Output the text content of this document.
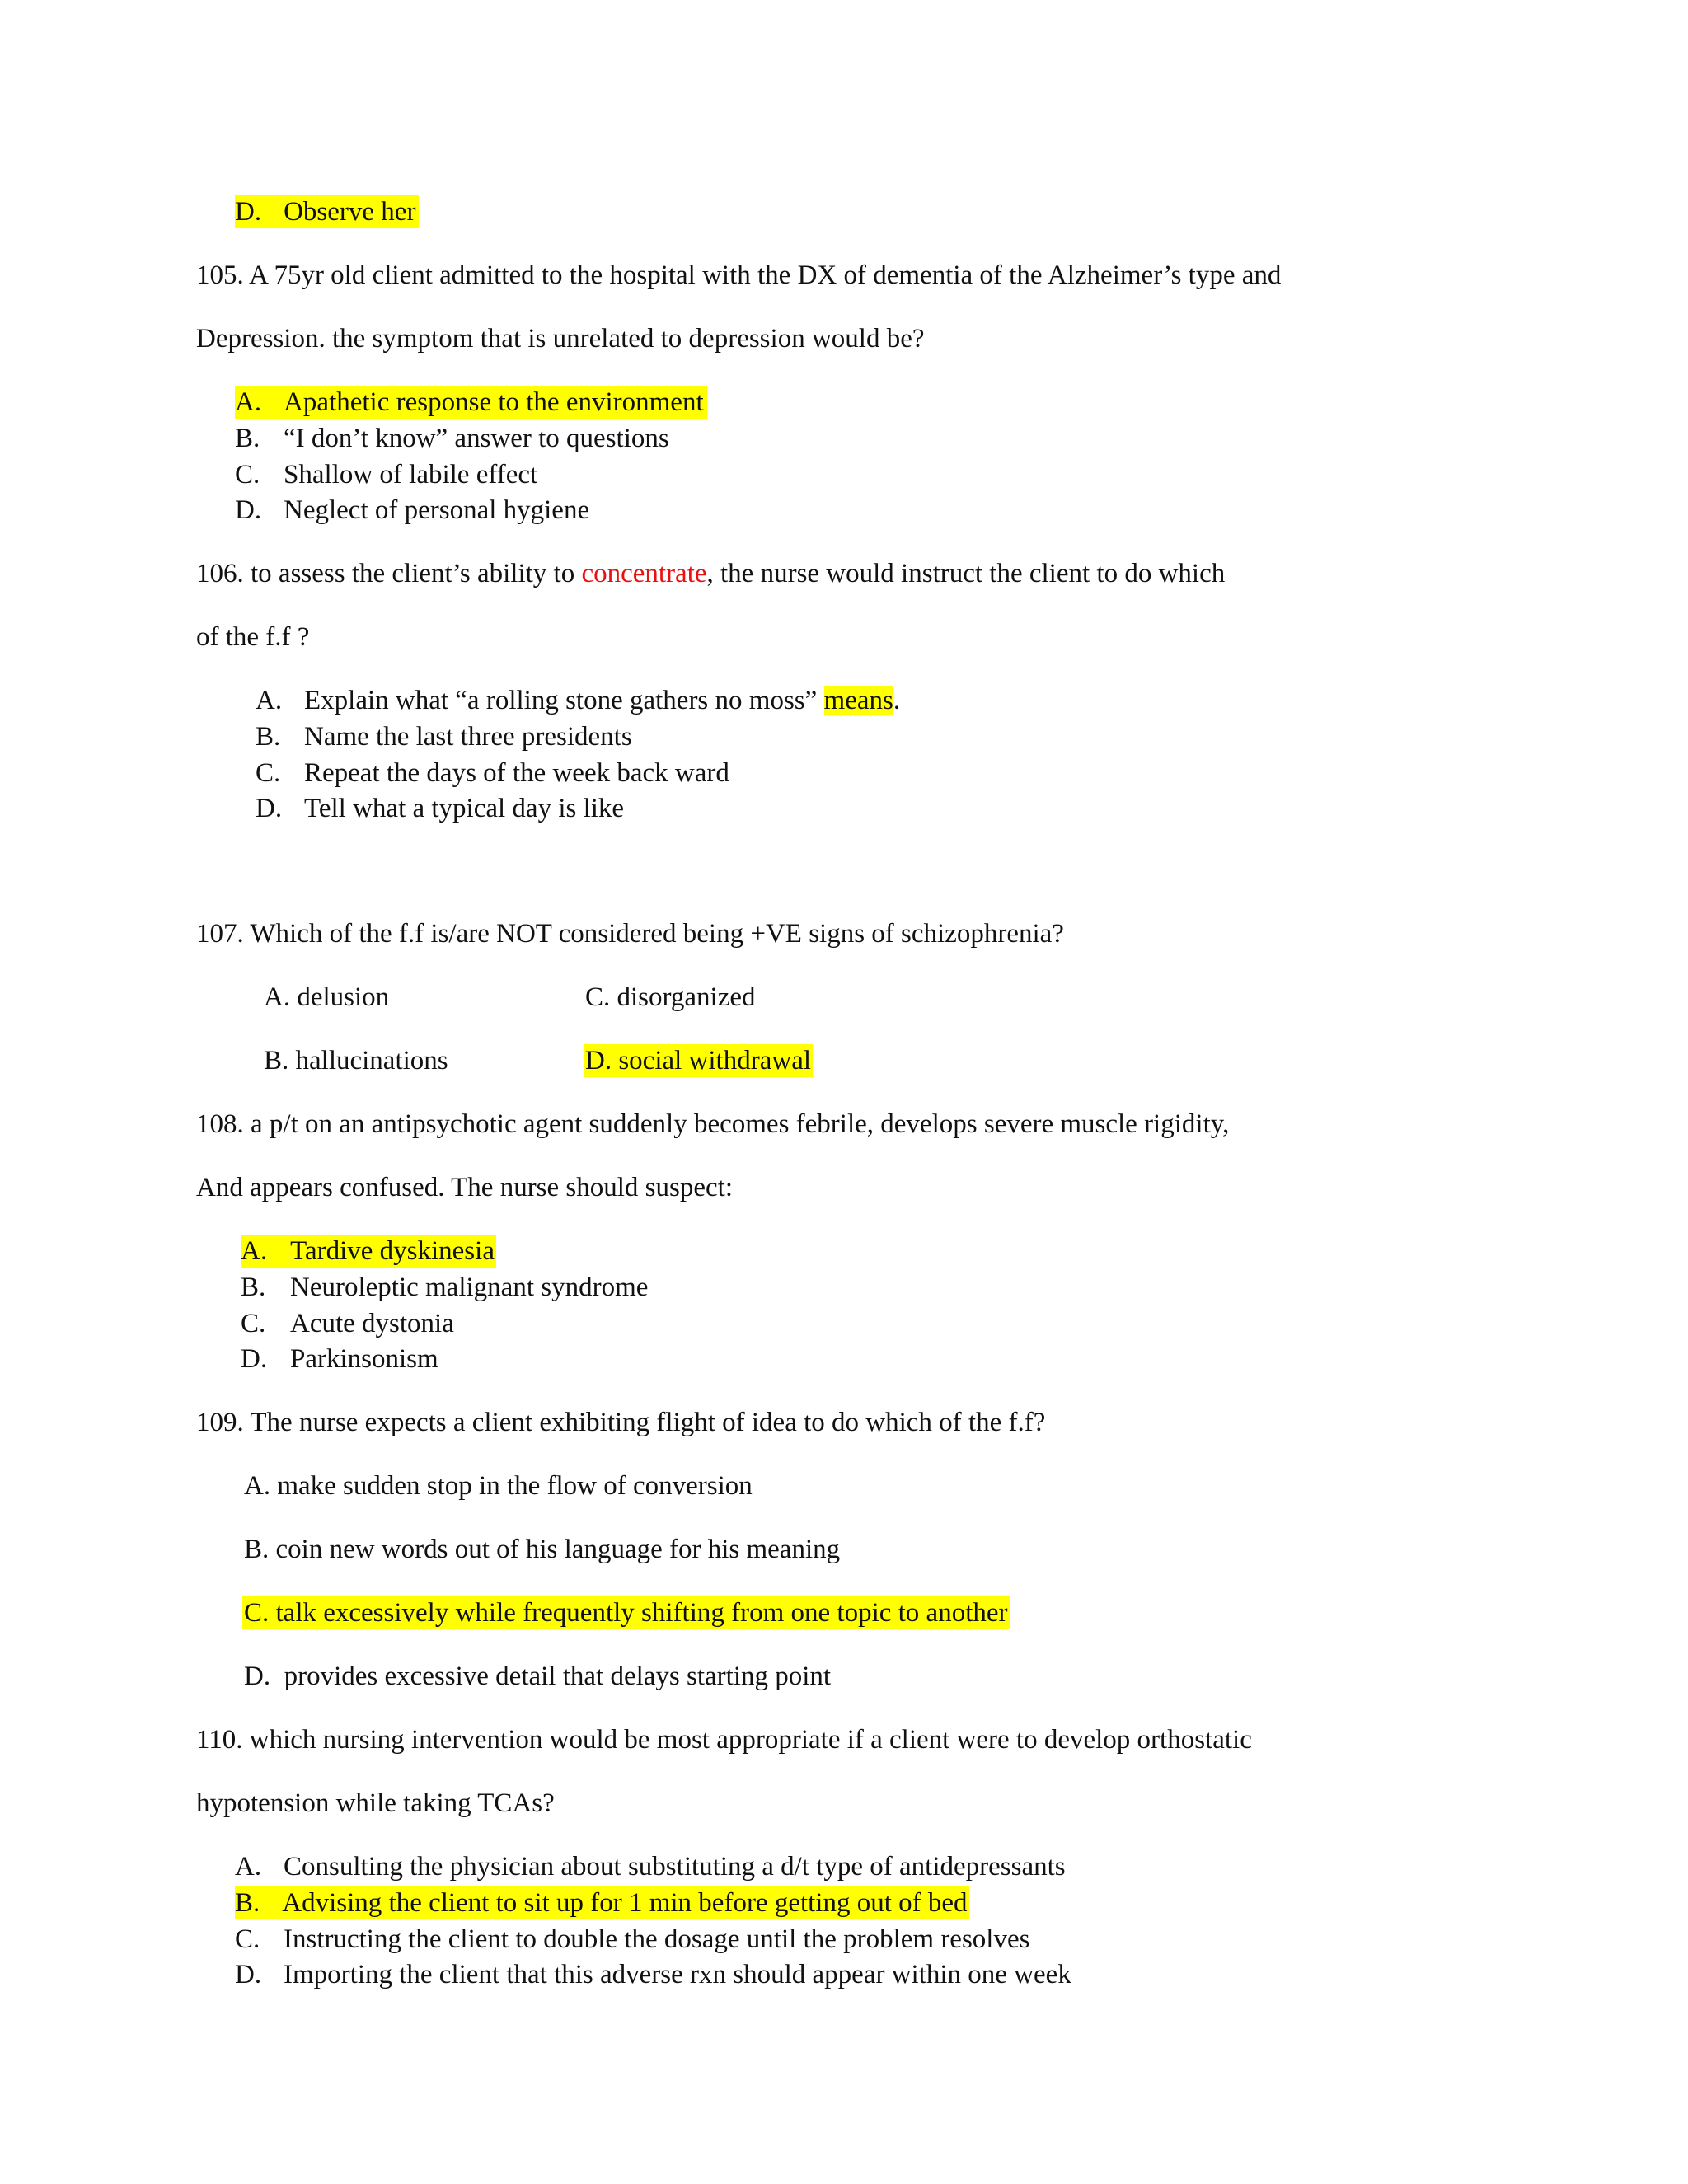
D. Observe her
105. A 75yr old client admitted to the hospital with the DX of dementia of the Alzheimer’s type and
Depression. the symptom that is unrelated to depression would be?
A. Apathetic response to the environment
B. “I don’t know” answer to questions
C. Shallow of labile effect
D. Neglect of personal hygiene
106. to assess the client’s ability to concentrate, the nurse would instruct the client to do which
of the f.f ?
A. Explain what “a rolling stone gathers no moss” means.
B. Name the last three presidents
C. Repeat the days of the week back ward
D. Tell what a typical day is like
107. Which of the f.f is/are NOT considered being +VE signs of schizophrenia?
A. delusion	C. disorganized
B. hallucinations	D. social withdrawal
108. a p/t on an antipsychotic agent suddenly becomes febrile, develops severe muscle rigidity,
And appears confused. The nurse should suspect:
A. Tardive dyskinesia
B. Neuroleptic malignant syndrome
C. Acute dystonia
D. Parkinsonism
109. The nurse expects a client exhibiting flight of idea to do which of the f.f?
A. make sudden stop in the flow of conversion
B. coin new words out of his language for his meaning
C. talk excessively while frequently shifting from one topic to another
D.  provides excessive detail that delays starting point
110. which nursing intervention would be most appropriate if a client were to develop orthostatic
hypotension while taking TCAs?
A. Consulting the physician about substituting a d/t type of antidepressants
B. Advising the client to sit up for 1 min before getting out of bed
C. Instructing the client to double the dosage until the problem resolves
D. Importing the client that this adverse rxn should appear within one week
